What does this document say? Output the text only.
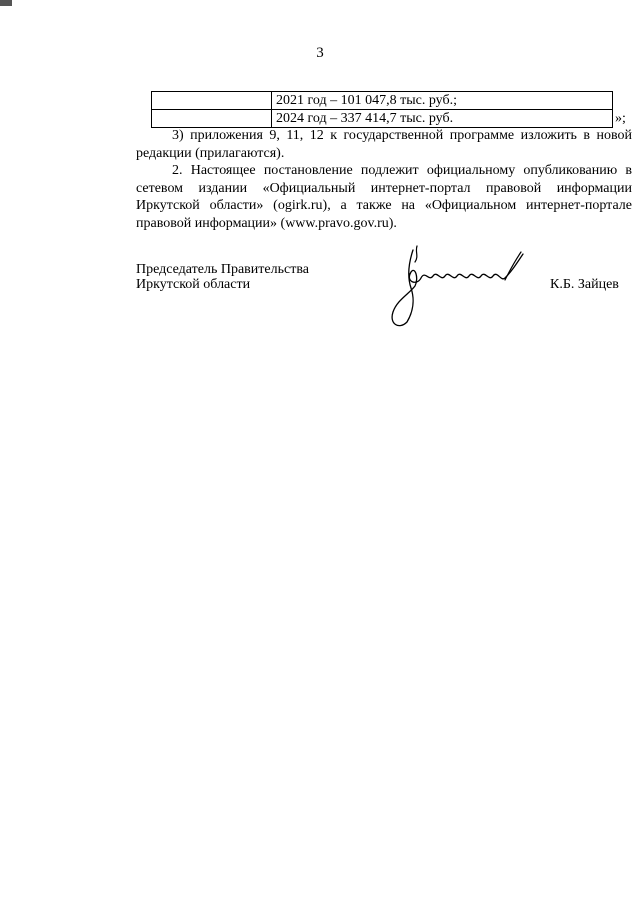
3
	2021 год – 101 047,8 тыс. руб.;
	2024 год – 337 414,7 тыс. руб.	»;

3) приложения 9, 11, 12 к государственной программе изложить в новой редакции (прилагаются).

2. Настоящее постановление подлежит официальному опубликованию в сетевом издании «Официальный интернет-портал правовой информации Иркутской области» (ogirk.ru), а также на «Официальном интернет-портале правовой информации» (www.pravo.gov.ru).

Председатель Правительства
Иркутской области	К.Б. Зайцев
